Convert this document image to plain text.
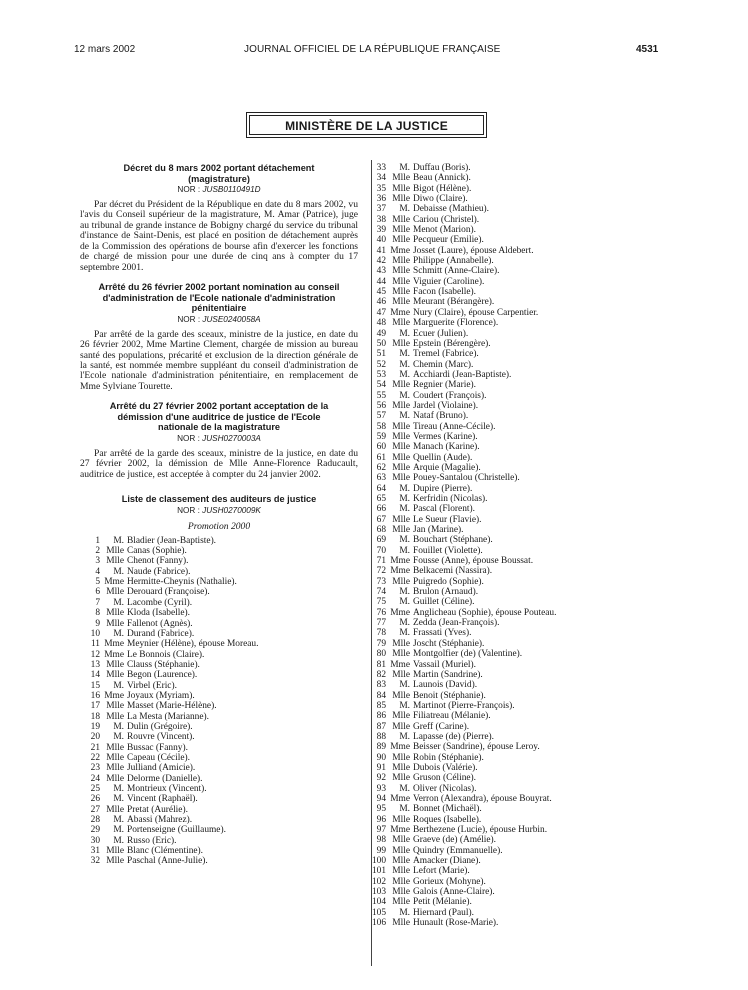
12 mars 2002	JOURNAL OFFICIEL DE LA RÉPUBLIQUE FRANÇAISE	4531
MINISTÈRE DE LA JUSTICE
Décret du 8 mars 2002 portant détachement
(magistrature)
NOR : JUSB0110491D

Par décret du Président de la République en date du 8 mars 2002, vu l'avis du Conseil supérieur de la magistrature, M. Amar (Patrice), juge au tribunal de grande instance de Bobigny chargé du service du tribunal d'instance de Saint-Denis, est placé en position de détachement auprès de la Commission des opérations de bourse afin d'exercer les fonctions de chargé de mission pour une durée de cinq ans à compter du 17 septembre 2001.

Arrêté du 26 février 2002 portant nomination au conseil
d'administration de l'Ecole nationale d'administration
pénitentiaire
NOR : JUSE0240058A

Par arrêté de la garde des sceaux, ministre de la justice, en date du 26 février 2002, Mme Martine Clement, chargée de mission au bureau santé des populations, précarité et exclusion de la direction générale de la santé, est nommée membre suppléant du conseil d'administration de l'Ecole nationale d'administration pénitentiaire, en remplacement de Mme Sylviane Tourette.

Arrêté du 27 février 2002 portant acceptation de la
démission d'une auditrice de justice de l'Ecole
nationale de la magistrature
NOR : JUSH0270003A

Par arrêté de la garde des sceaux, ministre de la justice, en date du 27 février 2002, la démission de Mlle Anne-Florence Raducault, auditrice de justice, est acceptée à compter du 24 janvier 2002.

Liste de classement des auditeurs de justice
NOR : JUSH0270009K
Promotion 2000
1	M. Bladier (Jean-Baptiste).
2 Mlle Canas (Sophie).
3 Mlle Chenot (Fanny).
4	M. Naude (Fabrice).
5 Mme Hermitte-Cheynis (Nathalie).
6 Mlle Derouard (Françoise).
7	M. Lacombe (Cyril).
8 Mlle Kloda (Isabelle).
9 Mlle Fallenot (Agnès).
10	M. Durand (Fabrice).
11 Mme Meynier (Hélène), épouse Moreau.
12 Mme Le Bonnois (Claire).
13 Mlle Clauss (Stéphanie).
14 Mlle Begon (Laurence).
15	M. Virbel (Eric).
16 Mme Joyaux (Myriam).
17 Mlle Masset (Marie-Hélène).
18 Mlle La Mesta (Marianne).
19	M. Dulin (Grégoire).
20	M. Rouvre (Vincent).
21 Mlle Bussac (Fanny).
22 Mlle Capeau (Cécile).
23 Mlle Julliand (Amicie).
24 Mlle Delorme (Danielle).
25	M. Montrieux (Vincent).
26	M. Vincent (Raphaël).
27 Mlle Pretat (Aurélie).
28	M. Abassi (Mahrez).
29	M. Portenseigne (Guillaume).
30	M. Russo (Eric).
31 Mlle Blanc (Clémentine).
32 Mlle Paschal (Anne-Julie).
33	M. Duffau (Boris).
34 Mlle Beau (Annick).
35 Mlle Bigot (Hélène).
36 Mlle Diwo (Claire).
37	M. Debaisse (Mathieu).
38 Mlle Cariou (Christel).
39 Mlle Menot (Marion).
40 Mlle Pecqueur (Emilie).
41 Mme Josset (Laure), épouse Aldebert.
42 Mlle Philippe (Annabelle).
43 Mlle Schmitt (Anne-Claire).
44 Mlle Viguier (Caroline).
45 Mlle Facon (Isabelle).
46 Mlle Meurant (Bérangère).
47 Mme Nury (Claire), épouse Carpentier.
48 Mlle Marguerite (Florence).
49	M. Ecuer (Julien).
50 Mlle Epstein (Bérengère).
51	M. Tremel (Fabrice).
52	M. Chemin (Marc).
53	M. Acchiardi (Jean-Baptiste).
54 Mlle Regnier (Marie).
55	M. Coudert (François).
56 Mlle Jardel (Violaine).
57	M. Nataf (Bruno).
58 Mlle Tireau (Anne-Cécile).
59 Mlle Vermes (Karine).
60 Mlle Manach (Karine).
61 Mlle Quellin (Aude).
62 Mlle Arquie (Magalie).
63 Mlle Pouey-Santalou (Christelle).
64	M. Dupire (Pierre).
65	M. Kerfridin (Nicolas).
66	M. Pascal (Florent).
67 Mlle Le Sueur (Flavie).
68 Mlle Jan (Marine).
69	M. Bouchart (Stéphane).
70	M. Fouillet (Violette).
71 Mme Fousse (Anne), épouse Boussat.
72 Mme Belkacemi (Nassira).
73 Mlle Puigredo (Sophie).
74	M. Brulon (Arnaud).
75	M. Guillet (Céline).
76 Mme Anglicheau (Sophie), épouse Pouteau.
77	M. Zedda (Jean-François).
78	M. Frassati (Yves).
79 Mlle Joscht (Stéphanie).
80 Mlle Montgolfier (de) (Valentine).
81 Mme Vassail (Muriel).
82 Mlle Martin (Sandrine).
83	M. Launois (David).
84 Mlle Benoit (Stéphanie).
85	M. Martinot (Pierre-François).
86 Mlle Filiatreau (Mélanie).
87 Mlle Greff (Carine).
88	M. Lapasse (de) (Pierre).
89 Mme Beisser (Sandrine), épouse Leroy.
90 Mlle Robin (Stéphanie).
91 Mlle Dubois (Valérie).
92 Mlle Gruson (Céline).
93	M. Oliver (Nicolas).
94 Mme Verron (Alexandra), épouse Bouyrat.
95	M. Bonnet (Michaël).
96 Mlle Roques (Isabelle).
97 Mme Berthezene (Lucie), épouse Hurbin.
98 Mlle Graeve (de) (Amélie).
99 Mlle Quindry (Emmanuelle).
100 Mlle Amacker (Diane).
101 Mlle Lefort (Marie).
102 Mlle Gorieux (Mohyne).
103 Mlle Galois (Anne-Claire).
104 Mlle Petit (Mélanie).
105	M. Hiernard (Paul).
106 Mlle Hunault (Rose-Marie).
